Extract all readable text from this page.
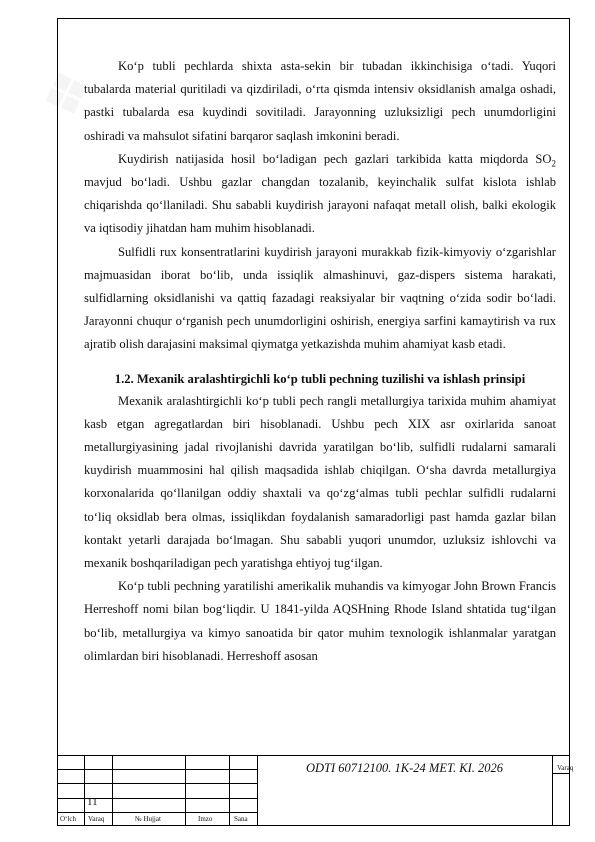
❖	Ko‘p tubli pechlarda shixta asta-sekin bir tubadan ikkinchisiga o‘tadi. Yuqori tubalarda material quritiladi va qizdiriladi, o‘rta qismda intensiv oksidlanish amalga oshadi, pastki tubalarda esa kuydindi sovitiladi. Jarayonning uzluksizligi pech unumdorligini oshiradi va mahsulot sifatini barqaror saqlash imkonini beradi.

Kuydirish natijasida hosil bo‘ladigan pech gazlari tarkibida katta miqdorda $SO_2$ mavjud bo‘ladi. Ushbu gazlar changdan tozalanib, keyinchalik sulfat kislota ishlab chiqarishda qo‘llaniladi. Shu sababli kuydirish jarayoni nafaqat metall olish, balki ekologik va iqtisodiy jihatdan ham muhim hisoblanadi.

Sulfidli rux konsentratlarini kuydirish jarayoni murakkab fizik-kimyoviy o‘zgarishlar majmuasidan iborat bo‘lib, unda issiqlik almashinuvi, gaz-dispers sistema harakati, sulfidlarning oksidlanishi va qattiq fazadagi reaksiyalar bir vaqtning o‘zida sodir bo‘ladi. Jarayonni chuqur o‘rganish pech unumdorligini oshirish, energiya sarfini kamaytirish va rux ajratib olish darajasini maksimal qiymatga yetkazishda muhim ahamiyat kasb etadi.

1.2. Mexanik aralashtirgichli ko‘p tubli pechning tuzilishi va ishlash prinsipi

Mexanik aralashtirgichli ko‘p tubli pech rangli metallurgiya tarixida muhim ahamiyat kasb etgan agregatlardan biri hisoblanadi. Ushbu pech XIX asr oxirlarida sanoat metallurgiyasining jadal rivojlanishi davrida yaratilgan bo‘lib, sulfidli rudalarni samarali kuydirish muammosini hal qilish maqsadida ishlab chiqilgan. O‘sha davrda metallurgiya korxonalarida qo‘llanilgan oddiy shaxtali va qo‘zg‘almas tubli pechlar sulfidli rudalarni to‘liq oksidlab bera olmas, issiqlikdan foydalanish samaradorligi past hamda gazlar bilan kontakt yetarli darajada bo‘lmagan. Shu sababli yuqori unumdor, uzluksiz ishlovchi va mexanik boshqariladigan pech yaratishga ehtiyoj tug‘ilgan.

Ko‘p tubli pechning yaratilishi amerikalik muhandis va kimyogar John Brown Francis Herreshoff nomi bilan bog‘liqdir. U 1841-yilda AQSHning Rhode Island shtatida tug‘ilgan bo‘lib, metallurgiya va kimyo sanoatida bir qator muhim texnologik ishlanmalar yaratgan olimlardan biri hisoblanadi. Herreshoff asosan

ODTI 60712100. 1K-24 MET. KI. 2026	Varaq
11
O‘lch Varaq	№ Hujjat	Imzo	Sana
